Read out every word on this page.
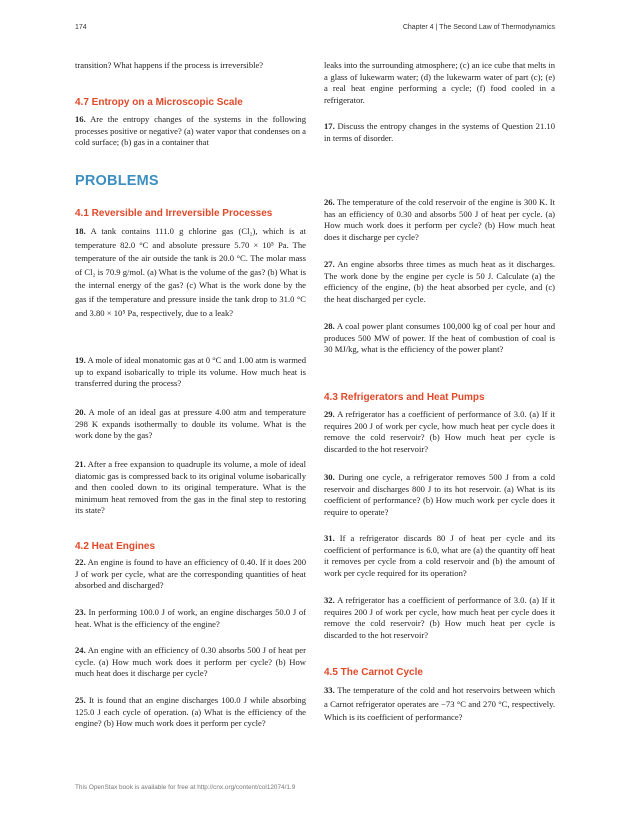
174	Chapter 4 | The Second Law of Thermodynamics

transition? What happens if the process is irreversible?

4.7 Entropy on a Microscopic Scale

16. Are the entropy changes of the systems in the following processes positive or negative? (a) water vapor that condenses on a cold surface; (b) gas in a container that

PROBLEMS
4.1 Reversible and Irreversible Processes

18. A tank contains 111.0 g chlorine gas (Cl₂), which is at temperature 82.0 °C and absolute pressure 5.70 × 10⁵ Pa. The temperature of the air outside the tank is 20.0 °C. The molar mass of Cl₂ is 70.9 g/mol. (a) What is the volume of the gas? (b) What is the internal energy of the gas? (c) What is the work done by the gas if the temperature and pressure inside the tank drop to 31.0 °C and 3.80 × 10⁵ Pa, respectively, due to a leak?

19. A mole of ideal monatomic gas at 0 °C and 1.00 atm is warmed up to expand isobarically to triple its volume. How much heat is transferred during the process?

20. A mole of an ideal gas at pressure 4.00 atm and temperature 298 K expands isothermally to double its volume. What is the work done by the gas?

21. After a free expansion to quadruple its volume, a mole of ideal diatomic gas is compressed back to its original volume isobarically and then cooled down to its original temperature. What is the minimum heat removed from the gas in the final step to restoring its state?

4.2 Heat Engines

22. An engine is found to have an efficiency of 0.40. If it does 200 J of work per cycle, what are the corresponding quantities of heat absorbed and discharged?

23. In performing 100.0 J of work, an engine discharges 50.0 J of heat. What is the efficiency of the engine?

24. An engine with an efficiency of 0.30 absorbs 500 J of heat per cycle. (a) How much work does it perform per cycle? (b) How much heat does it discharge per cycle?

25. It is found that an engine discharges 100.0 J while absorbing 125.0 J each cycle of operation. (a) What is the efficiency of the engine? (b) How much work does it perform per cycle?

leaks into the surrounding atmosphere; (c) an ice cube that melts in a glass of lukewarm water; (d) the lukewarm water of part (c); (e) a real heat engine performing a cycle; (f) food cooled in a refrigerator.

17. Discuss the entropy changes in the systems of Question 21.10 in terms of disorder.

26. The temperature of the cold reservoir of the engine is 300 K. It has an efficiency of 0.30 and absorbs 500 J of heat per cycle. (a) How much work does it perform per cycle? (b) How much heat does it discharge per cycle?

27. An engine absorbs three times as much heat as it discharges. The work done by the engine per cycle is 50 J. Calculate (a) the efficiency of the engine, (b) the heat absorbed per cycle, and (c) the heat discharged per cycle.

28. A coal power plant consumes 100,000 kg of coal per hour and produces 500 MW of power. If the heat of combustion of coal is 30 MJ/kg, what is the efficiency of the power plant?

4.3 Refrigerators and Heat Pumps

29. A refrigerator has a coefficient of performance of 3.0. (a) If it requires 200 J of work per cycle, how much heat per cycle does it remove the cold reservoir? (b) How much heat per cycle is discarded to the hot reservoir?

30. During one cycle, a refrigerator removes 500 J from a cold reservoir and discharges 800 J to its hot reservoir. (a) What is its coefficient of performance? (b) How much work per cycle does it require to operate?

31. If a refrigerator discards 80 J of heat per cycle and its coefficient of performance is 6.0, what are (a) the quantity off heat it removes per cycle from a cold reservoir and (b) the amount of work per cycle required for its operation?

32. A refrigerator has a coefficient of performance of 3.0. (a) If it requires 200 J of work per cycle, how much heat per cycle does it remove the cold reservoir? (b) How much heat per cycle is discarded to the hot reservoir?

4.5 The Carnot Cycle

33. The temperature of the cold and hot reservoirs between which a Carnot refrigerator operates are −73 °C and 270 °C, respectively. Which is its coefficient of performance?

This OpenStax book is available for free at http://cnx.org/content/col12074/1.9
